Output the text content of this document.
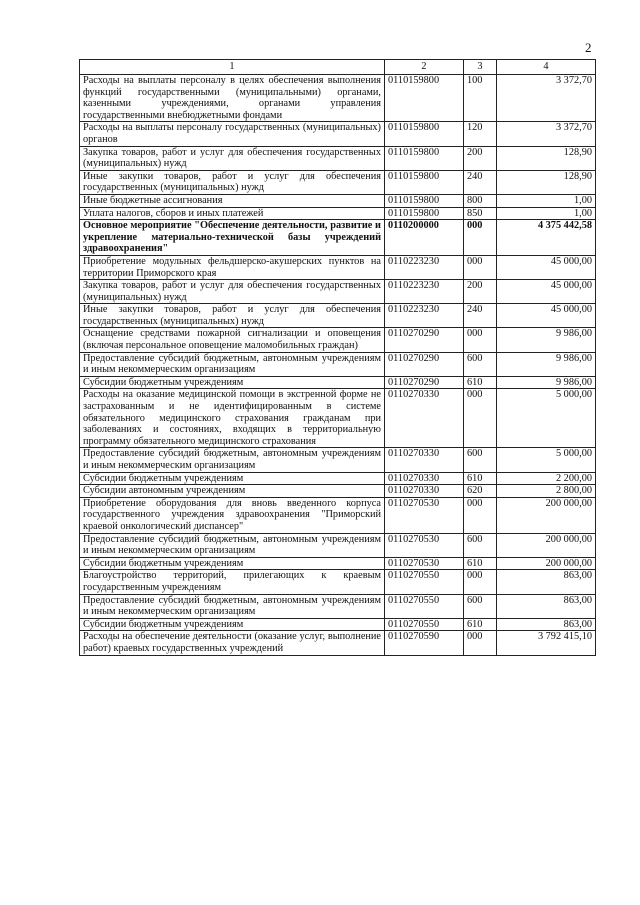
2
1	2	3	4
Расходы на выплаты персоналу в целях обеспечения выполнения функций государственными (муниципальными) органами, казенными учреждениями, органами управления государственными внебюджетными фондами	0110159800	100	3 372,70
Расходы на выплаты персоналу государственных (муниципальных) органов	0110159800	120	3 372,70
Закупка товаров, работ и услуг для обеспечения государственных (муниципальных) нужд	0110159800	200	128,90
Иные закупки товаров, работ и услуг для обеспечения государственных (муниципальных) нужд	0110159800	240	128,90
Иные бюджетные ассигнования	0110159800	800	1,00
Уплата налогов, сборов и иных платежей	0110159800	850	1,00
Основное мероприятие "Обеспечение деятельности, развитие и укрепление материально-технической базы учреждений здравоохранения"	0110200000	000	4 375 442,58
Приобретение модульных фельдшерско-акушерских пунктов на территории Приморского края	0110223230	000	45 000,00
Закупка товаров, работ и услуг для обеспечения государственных (муниципальных) нужд	0110223230	200	45 000,00
Иные закупки товаров, работ и услуг для обеспечения государственных (муниципальных) нужд	0110223230	240	45 000,00
Оснащение средствами пожарной сигнализации и оповещения (включая персональное оповещение маломобильных граждан)	0110270290	000	9 986,00
Предоставление субсидий бюджетным, автономным учреждениям и иным некоммерческим организациям	0110270290	600	9 986,00
Субсидии бюджетным учреждениям	0110270290	610	9 986,00
Расходы на оказание медицинской помощи в экстренной форме не застрахованным и не идентифицированным в системе обязательного медицинского страхования гражданам при заболеваниях и состояниях, входящих в территориальную программу обязательного медицинского страхования	0110270330	000	5 000,00
Предоставление субсидий бюджетным, автономным учреждениям и иным некоммерческим организациям	0110270330	600	5 000,00
Субсидии бюджетным учреждениям	0110270330	610	2 200,00
Субсидии автономным учреждениям	0110270330	620	2 800,00
Приобретение оборудования для вновь введенного корпуса государственного учреждения здравоохранения "Приморский краевой онкологический диспансер"	0110270530	000	200 000,00
Предоставление субсидий бюджетным, автономным учреждениям и иным некоммерческим организациям	0110270530	600	200 000,00
Субсидии бюджетным учреждениям	0110270530	610	200 000,00
Благоустройство территорий, прилегающих к краевым государственным учреждениям	0110270550	000	863,00
Предоставление субсидий бюджетным, автономным учреждениям и иным некоммерческим организациям	0110270550	600	863,00
Субсидии бюджетным учреждениям	0110270550	610	863,00
Расходы на обеспечение деятельности (оказание услуг, выполнение работ) краевых государственных учреждений	0110270590	000	3 792 415,10
